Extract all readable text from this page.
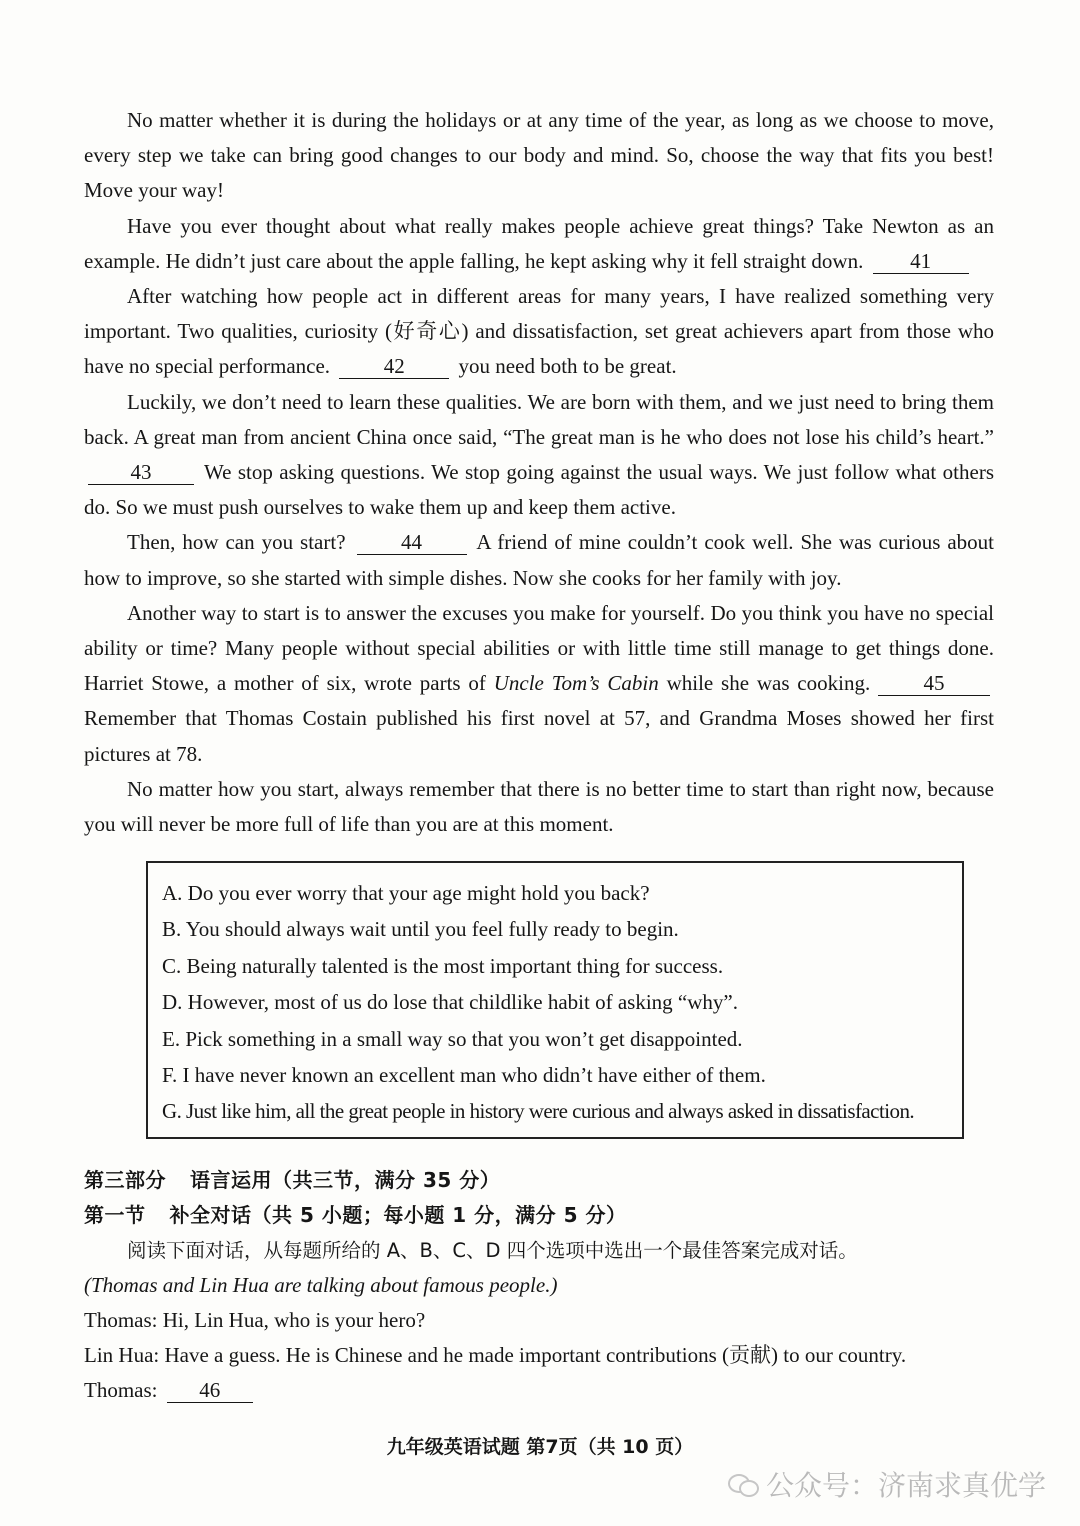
No matter whether it is during the holidays or at any time of the year, as long as we choose to move, every step we take can bring good changes to our body and mind. So, choose the way that fits you best! Move your way!

Have you ever thought about what really makes people achieve great things? Take Newton as an example. He didn’t just care about the apple falling, he kept asking why it fell straight down. 41

After watching how people act in different areas for many years, I have realized something very important. Two qualities, curiosity (好奇心) and dissatisfaction, set great achievers apart from those who have no special performance.	42	you need both to be great.

Luckily, we don’t need to learn these qualities. We are born with them, and we just need to bring them back. A great man from ancient China once said, “The great man is he who does not lose his child’s heart.” 43	We stop asking questions. We stop going against the usual ways. We just follow what others do. So we must push ourselves to wake them up and keep them active.

Then, how can you start?	44	A friend of mine couldn’t cook well. She was curious about how to improve, so she started with simple dishes. Now she cooks for her family with joy.

Another way to start is to answer the excuses you make for yourself. Do you think you have no special ability or time? Many people without special abilities or with little time still manage to get things done. Harriet Stowe, a mother of six, wrote parts of Uncle Tom’s Cabin while she was cooking.	45 Remember that Thomas Costain published his first novel at 57, and Grandma Moses showed her first pictures at 78.

No matter how you start, always remember that there is no better time to start than right now, because you will never be more full of life than you are at this moment.

A. Do you ever worry that your age might hold you back?
B. You should always wait until you feel fully ready to begin.
C. Being naturally talented is the most important thing for success.
D. However, most of us do lose that childlike habit of asking “why”.
E. Pick something in a small way so that you won’t get disappointed.
F. I have never known an excellent man who didn’t have either of them.
G. Just like him, all the great people in history were curious and always asked in dissatisfaction.
第三部分 语言运用（共三节，满分 35 分）
第一节 补全对话（共 5 小题；每小题 1 分，满分 5 分）
阅读下面对话，从每题所给的 A、B、C、D 四个选项中选出一个最佳答案完成对话。
(Thomas and Lin Hua are talking about famous people.)
Thomas: Hi, Lin Hua, who is your hero?
Lin Hua: Have a guess. He is Chinese and he made important contributions (贡献) to our country.
Thomas: 46
九年级英语试题 第7页（共 10 页）
公众号：济南求真优学
